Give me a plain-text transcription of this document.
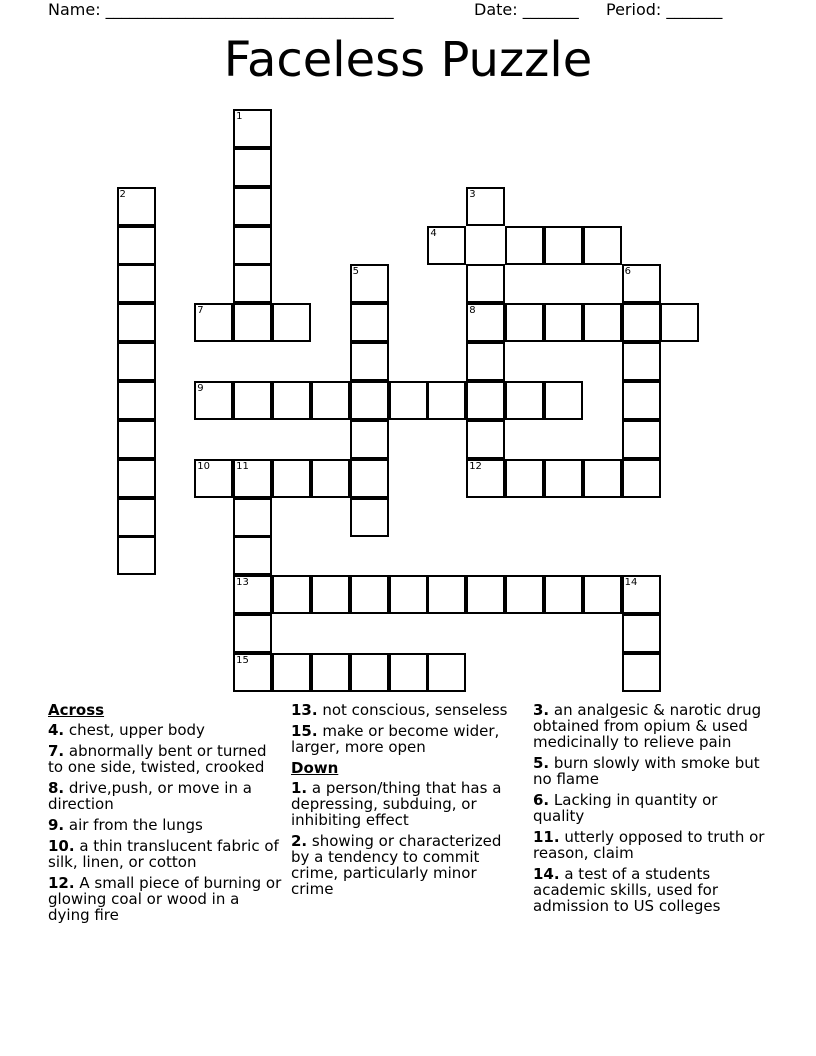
Name: ____________________________________	Date: _______ Period: _______
Faceless Puzzle
1
2	3
4
5	6
7	8
9
10	11	12
13	14
15
Across
4. chest, upper body
7. abnormally bent or turned to one side, twisted, crooked
8. drive,push, or move in a direction
9. air from the lungs
10. a thin translucent fabric of silk, linen, or cotton
12. A small piece of burning or glowing coal or wood in a dying fire
13. not conscious, senseless
15. make or become wider, larger, more open
Down
1. a person/thing that has a depressing, subduing, or inhibiting effect
2. showing or characterized by a tendency to commit crime, particularly minor crime
3. an analgesic & narotic drug obtained from opium & used medicinally to relieve pain
5. burn slowly with smoke but no flame
6. Lacking in quantity or quality
11. utterly opposed to truth or reason, claim
14. a test of a students academic skills, used for admission to US colleges
